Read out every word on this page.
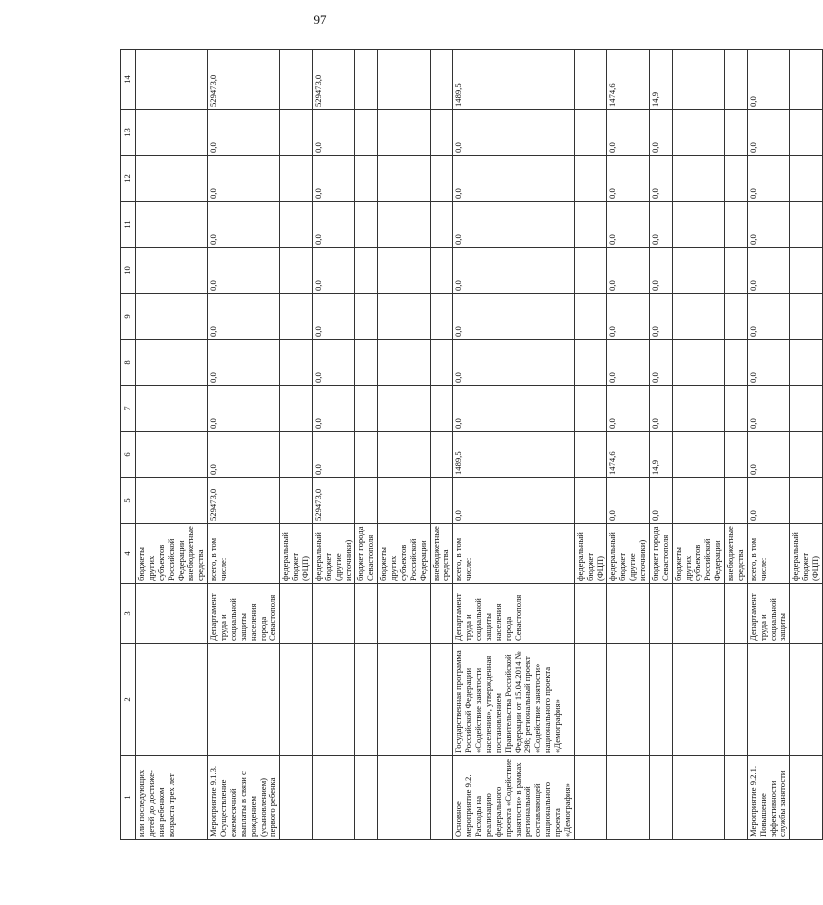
97
1	2	3	4	5	6	7	8	9	10	11	12	13	14
или последующих детей до достиже-ния ребенком возраста трех лет			бюджеты других субъектов Российской Федерации внебюджетные средства										
Мероприятие 9.1.3. Осуществление ежемесячной выплаты в связи с рождением (усыновлением) первого ребенка		Департамент труда и социальной защиты населения города Севастополя	всего, в том числе:	529473,0	0,0	0,0	0,0	0,0	0,0	0,0	0,0	0,0	529473,0
			федеральный бюджет (ФЦП)										
			федеральный бюджет (другие источники)	529473,0	0,0	0,0	0,0	0,0	0,0	0,0	0,0	0,0	529473,0
			бюджет города Севастополя										
			бюджеты других субъектов Российской Федерации										
			внебюджетные средства										
Основное мероприятие 9.2. Расходы на реализацию федерального проекта «Содействие занятости» в рамках региональной составляющей национального проекта «Демография»	Государственная программа Российской Федерации «Содействие занятости населения», утвержденная постановлением Правительства Российской Федерации от 15.04.2014 № 298; региональный проект «Содействие занятости» национального проекта «Демография»	Департамент труда и социальной защиты населения города Севастополя	всего, в том числе:	0,0	1489,5	0,0	0,0	0,0	0,0	0,0	0,0	0,0	1489,5
			федеральный бюджет (ФЦП)										
			федеральный бюджет (другие источники)	0,0	1474,6	0,0	0,0	0,0	0,0	0,0	0,0	0,0	1474,6
			бюджет города Севастополя	0,0	14,9	0,0	0,0	0,0	0,0	0,0	0,0	0,0	14,9
			бюджеты других субъектов Российской Федерации										
			внебюджетные средства										
Мероприятие 9.2.1. Повышение эффективности службы занятости		Департамент труда и социальной защиты	всего, в том числе:	0,0	0,0	0,0	0,0	0,0	0,0	0,0	0,0	0,0	0,0
			федеральный бюджет (ФЦП)										
